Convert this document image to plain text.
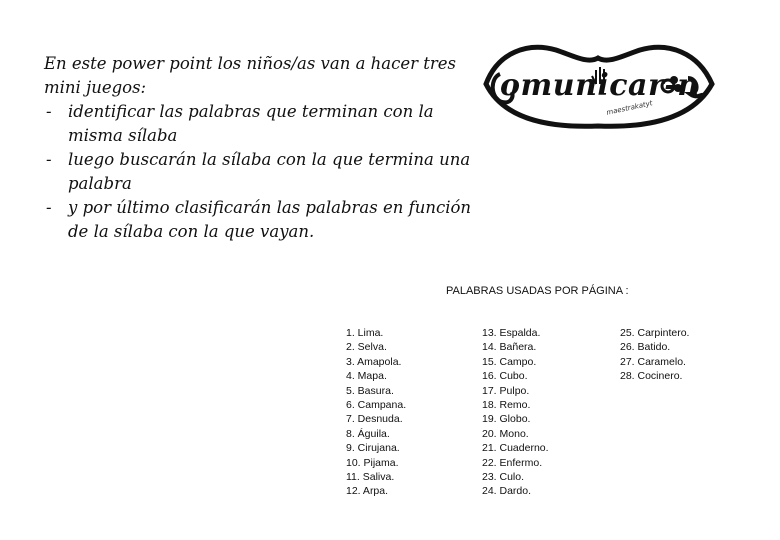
En este power point los niños/as van a hacer tres mini juegos:

- identificar las palabras que terminan con la misma sílaba
- luego buscarán la sílaba con la que termina una palabra
- y por último clasificarán las palabras en función de la sílaba con la que vayan.
omunicar-n
maestrakatyt
PALABRAS USADAS POR PÁGINA :
1. Lima.
2. Selva.
3. Amapola.
4. Mapa.
5. Basura.
6. Campana.
7. Desnuda.
8. Águila.
9. Cirujana.
10. Pijama.
11. Saliva.
12. Arpa.
13. Espalda.
14. Bañera.
15. Campo.
16. Cubo.
17. Pulpo.
18. Remo.
19. Globo.
20. Mono.
21. Cuaderno.
22. Enfermo.
23. Culo.
24. Dardo.
25. Carpintero.
26. Batido.
27. Caramelo.
28. Cocinero.
